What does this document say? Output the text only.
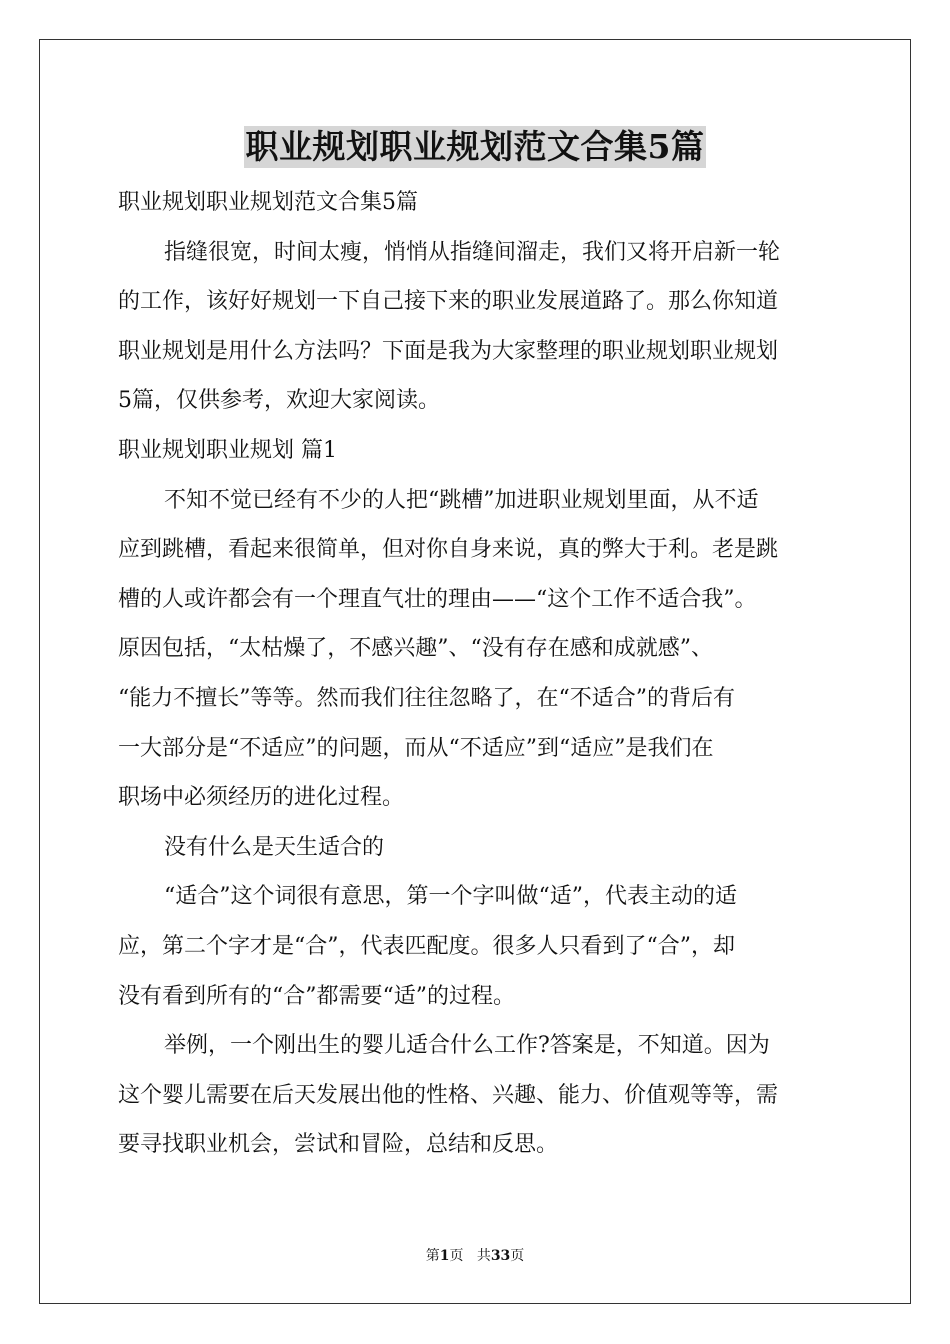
职业规划职业规划范文合集5篇
职业规划职业规划范文合集5篇
指缝很宽，时间太瘦，悄悄从指缝间溜走，我们又将开启新一轮
的工作，该好好规划一下自己接下来的职业发展道路了。那么你知道
职业规划是用什么方法吗？下面是我为大家整理的职业规划职业规划
5篇，仅供参考，欢迎大家阅读。
职业规划职业规划 篇1
不知不觉已经有不少的人把“跳槽”加进职业规划里面，从不适
应到跳槽，看起来很简单，但对你自身来说，真的弊大于利。老是跳
槽的人或许都会有一个理直气壮的理由——“这个工作不适合我”。
原因包括，“太枯燥了，不感兴趣”、“没有存在感和成就感”、
“能力不擅长”等等。然而我们往往忽略了，在“不适合”的背后有
一大部分是“不适应”的问题，而从“不适应”到“适应”是我们在
职场中必须经历的进化过程。
没有什么是天生适合的
“适合”这个词很有意思，第一个字叫做“适”，代表主动的适
应，第二个字才是“合”，代表匹配度。很多人只看到了“合”，却
没有看到所有的“合”都需要“适”的过程。
举例，一个刚出生的婴儿适合什么工作?答案是，不知道。因为
这个婴儿需要在后天发展出他的性格、兴趣、能力、价值观等等，需
要寻找职业机会，尝试和冒险，总结和反思。
第1页 共33页
